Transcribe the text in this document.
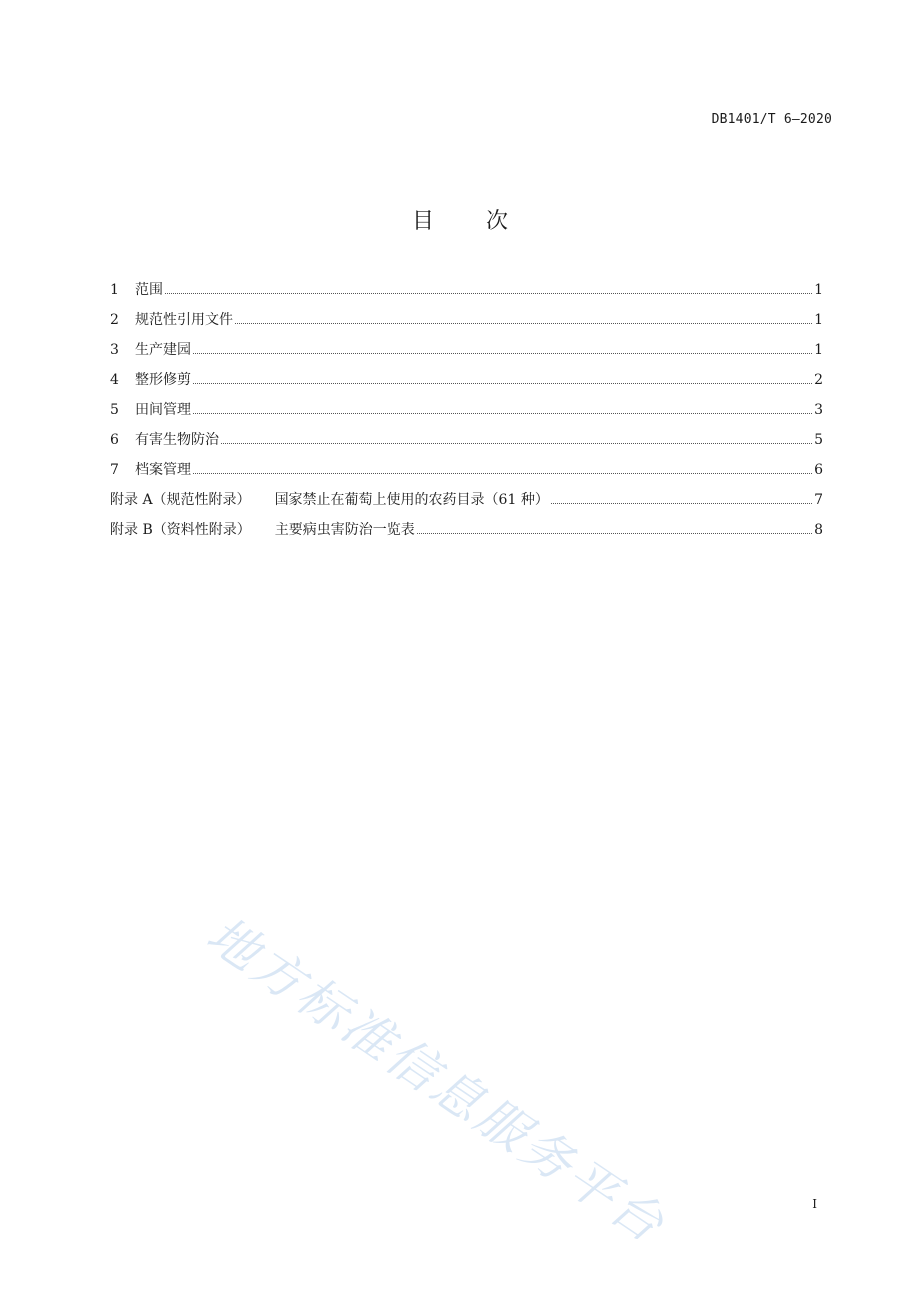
DB1401/T 6—2020
目 次
1	范围	1
2	规范性引用文件	1
3	生产建园	1
4	整形修剪	2
5	田间管理	3
6	有害生物防治	5
7	档案管理	6
附录 A（规范性附录） 国家禁止在葡萄上使用的农药目录（61 种）	7
附录 B（资料性附录） 主要病虫害防治一览表	8
地方标准信息服务平台	I
